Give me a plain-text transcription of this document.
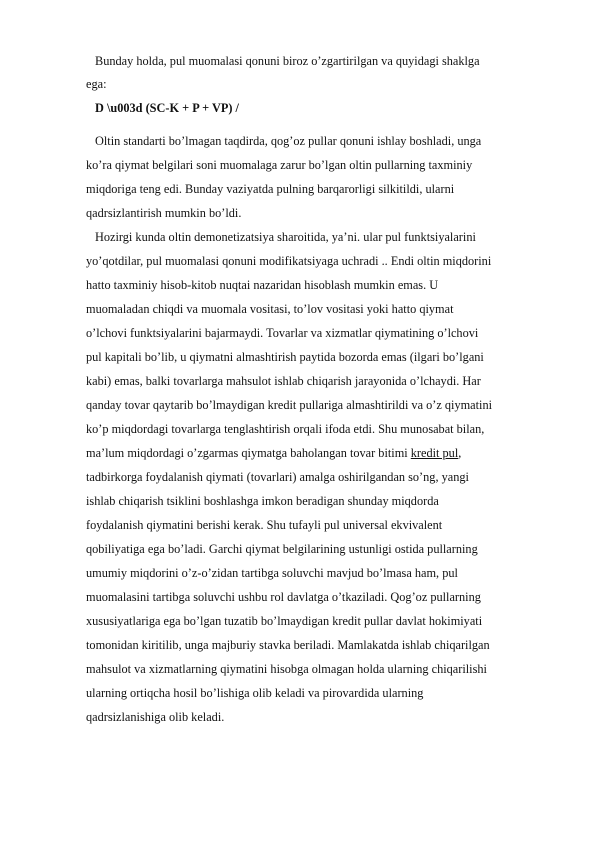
Bunday holda, pul muomalasi qonuni biroz o’zgartirilgan va quyidagi shaklga
ega:
D \u003d (SC-K + P + VP) /
Oltin standarti bo’lmagan taqdirda, qog’oz pullar qonuni ishlay boshladi, unga
ko’ra qiymat belgilari soni muomalaga zarur bo’lgan oltin pullarning taxminiy
miqdoriga teng edi. Bunday vaziyatda pulning barqarorligi silkitildi, ularni
qadrsizlantirish mumkin bo’ldi.
Hozirgi kunda oltin demonetizatsiya sharoitida, ya’ni. ular pul funktsiyalarini
yo’qotdilar, pul muomalasi qonuni modifikatsiyaga uchradi .. Endi oltin miqdorini
hatto taxminiy hisob-kitob nuqtai nazaridan hisoblash mumkin emas. U
muomaladan chiqdi va muomala vositasi, to’lov vositasi yoki hatto qiymat
o’lchovi funktsiyalarini bajarmaydi. Tovarlar va xizmatlar qiymatining o’lchovi
pul kapitali bo’lib, u qiymatni almashtirish paytida bozorda emas (ilgari bo’lgani
kabi) emas, balki tovarlarga mahsulot ishlab chiqarish jarayonida o’lchaydi. Har
qanday tovar qaytarib bo’lmaydigan kredit pullariga almashtirildi va o’z qiymatini
ko’p miqdordagi tovarlarga tenglashtirish orqali ifoda etdi. Shu munosabat bilan,
ma’lum miqdordagi o’zgarmas qiymatga baholangan tovar bitimi kredit pul,
tadbirkorga foydalanish qiymati (tovarlari) amalga oshirilgandan so’ng, yangi
ishlab chiqarish tsiklini boshlashga imkon beradigan shunday miqdorda
foydalanish qiymatini berishi kerak. Shu tufayli pul universal ekvivalent
qobiliyatiga ega bo’ladi. Garchi qiymat belgilarining ustunligi ostida pullarning
umumiy miqdorini o’z-o’zidan tartibga soluvchi mavjud bo’lmasa ham, pul
muomalasini tartibga soluvchi ushbu rol davlatga o’tkaziladi. Qog’oz pullarning
xususiyatlariga ega bo’lgan tuzatib bo’lmaydigan kredit pullar davlat hokimiyati
tomonidan kiritilib, unga majburiy stavka beriladi. Mamlakatda ishlab chiqarilgan
mahsulot va xizmatlarning qiymatini hisobga olmagan holda ularning chiqarilishi
ularning ortiqcha hosil bo’lishiga olib keladi va pirovardida ularning
qadrsizlanishiga olib keladi.
